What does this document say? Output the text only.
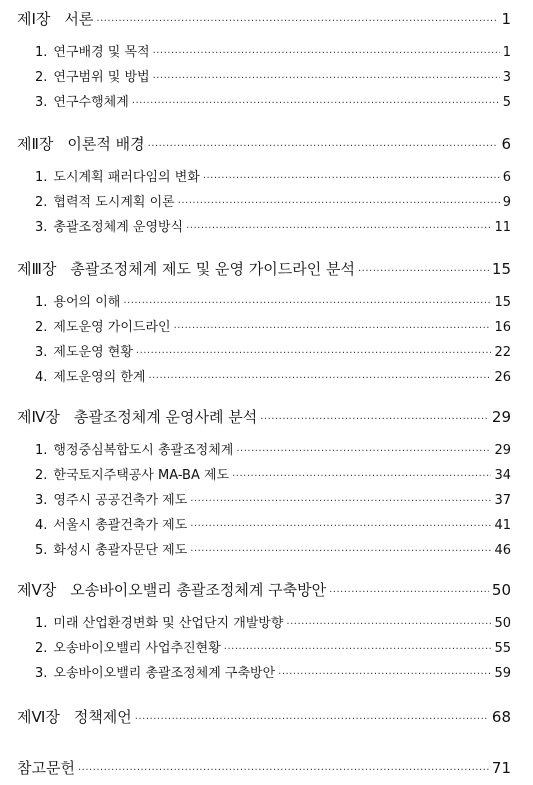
제Ⅰ장 서론 ·····	1
1. 연구배경 및 목적 ·····	1
2. 연구범위 및 방법 ·····	3
3. 연구수행체계 ·····	5
제Ⅱ장 이론적 배경 ·····	6
1. 도시계획 패러다임의 변화 ·····	6
2. 협력적 도시계획 이론 ·····	9
3. 총괄조정체계 운영방식 ·····	11
제Ⅲ장 총괄조정체계 제도 및 운영 가이드라인 분석 ·····	15
1. 용어의 이해 ·····	15
2. 제도운영 가이드라인 ·····	16
3. 제도운영 현황 ·····	22
4. 제도운영의 한계 ·····	26
제Ⅳ장 총괄조정체계 운영사례 분석 ·····	29
1. 행정중심복합도시 총괄조정체계 ·····	29
2. 한국토지주택공사 MA-BA 제도 ·····	34
3. 영주시 공공건축가 제도 ·····	37
4. 서울시 총괄건축가 제도 ·····	41
5. 화성시 총괄자문단 제도 ·····	46
제Ⅴ장 오송바이오밸리 총괄조정체계 구축방안 ·····	50
1. 미래 산업환경변화 및 산업단지 개발방향 ·····	50
2. 오송바이오밸리 사업추진현황 ·····	55
3. 오송바이오밸리 총괄조정체계 구축방안 ·····	59
제Ⅵ장 정책제언 ·····	68
참고문헌 ·····	71
